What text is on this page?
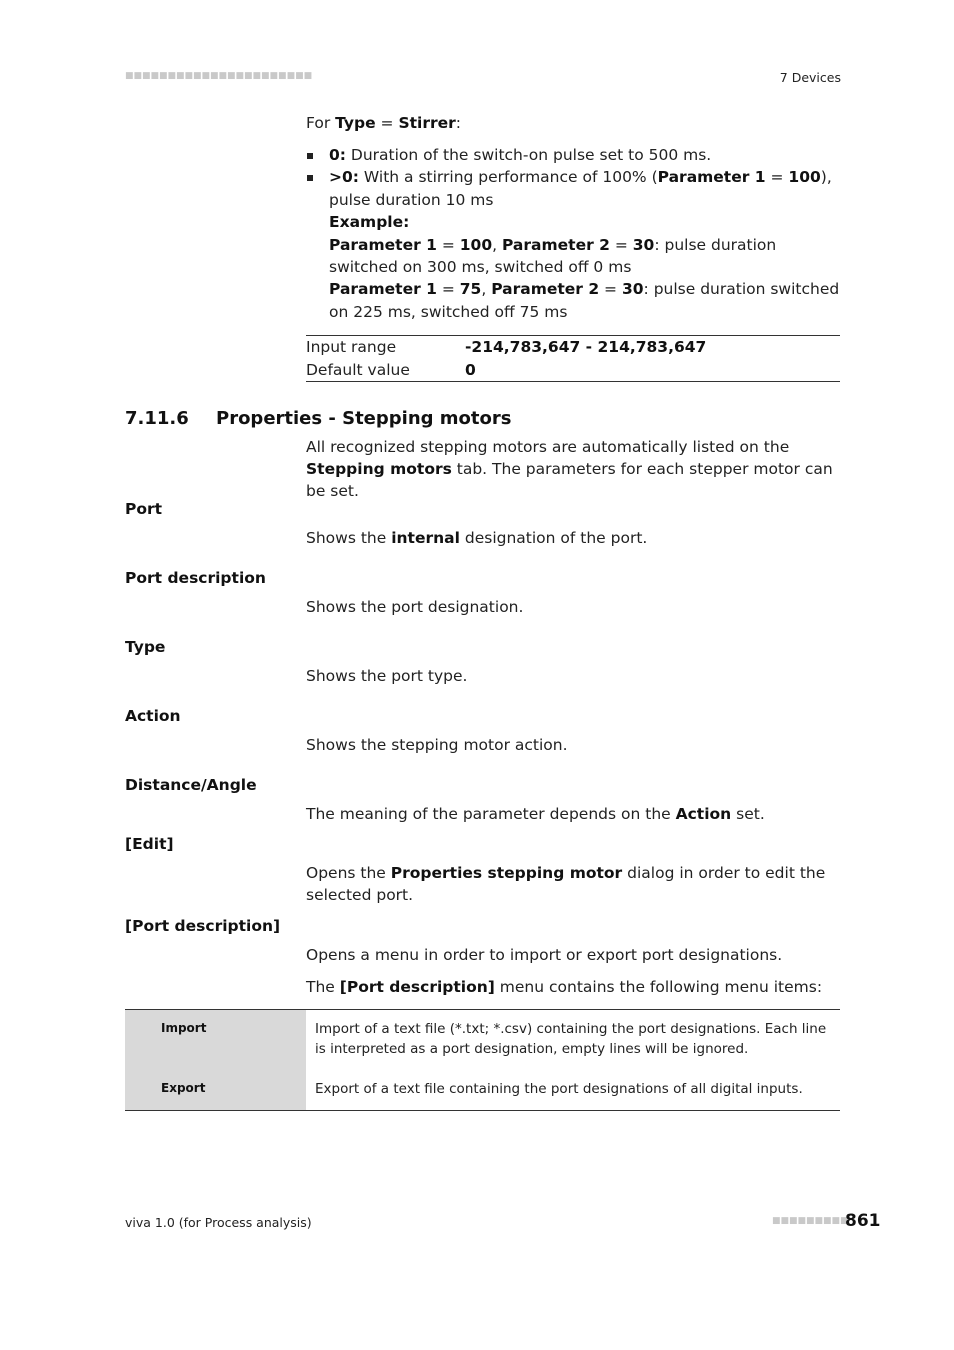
■■■■■■■■■■■■■■■■■■■■■■	7 Devices
For Type = Stirrer:
0: Duration of the switch-on pulse set to 500 ms.
>0: With a stirring performance of 100% (Parameter 1 = 100), pulse duration 10 ms
Example:
Parameter 1 = 100, Parameter 2 = 30: pulse duration switched on 300 ms, switched off 0 ms
Parameter 1 = 75, Parameter 2 = 30: pulse duration switched on 225 ms, switched off 75 ms
Input range	-214,783,647 - 214,783,647
Default value	0
7.11.6 Properties - Stepping motors
All recognized stepping motors are automatically listed on the Stepping motors tab. The parameters for each stepper motor can be set.
Port
Shows the internal designation of the port.
Port description
Shows the port designation.
Type
Shows the port type.
Action
Shows the stepping motor action.
Distance/Angle
The meaning of the parameter depends on the Action set.
[Edit]
Opens the Properties stepping motor dialog in order to edit the selected port.
[Port description]
Opens a menu in order to import or export port designations.
The [Port description] menu contains the following menu items:
Import	Import of a text file (*.txt; *.csv) containing the port designations. Each line is interpreted as a port designation, empty lines will be ignored.
Export	Export of a text file containing the port designations of all digital inputs.
viva 1.0 (for Process analysis)	■■■■■■■■■
861
